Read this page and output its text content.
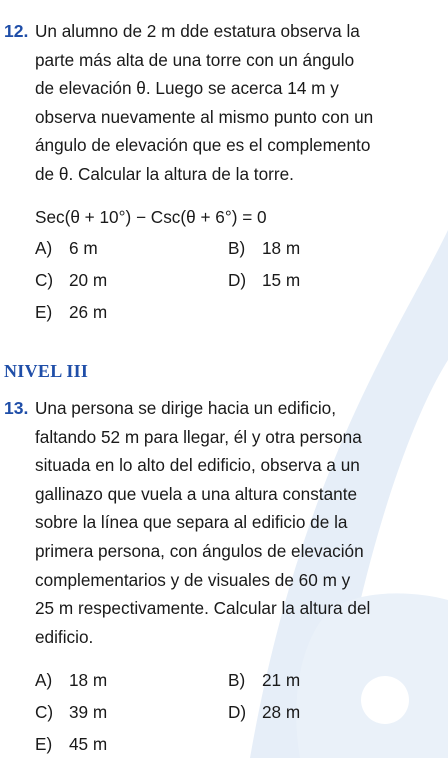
12. Un alumno de 2 m dde estatura observa la
parte más alta de una torre con un ángulo
de elevación θ. Luego se acerca 14 m y
observa nuevamente al mismo punto con un
ángulo de elevación que es el complemento
de θ. Calcular la altura de la torre.
Sec(θ + 10°) − Csc(θ + 6°) = 0
A) 6 m	B) 18 m
C) 20 m	D) 15 m
E) 26 m
NIVEL III
13. Una persona se dirige hacia un edificio,
faltando 52 m para llegar, él y otra persona
situada en lo alto del edificio, observa a un
gallinazo que vuela a una altura constante
sobre la línea que separa al edificio de la
primera persona, con ángulos de elevación
complementarios y de visuales de 60 m y
25 m respectivamente. Calcular la altura del
edificio.
A) 18 m	B) 21 m
C) 39 m	D) 28 m
E) 45 m
